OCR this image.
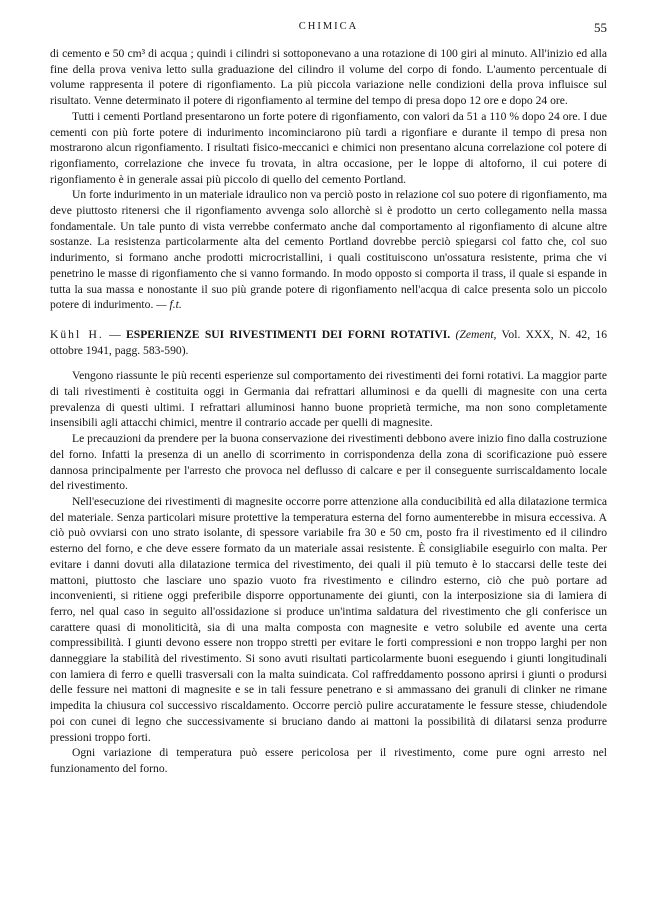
CHIMICA	55

di cemento e 50 cm³ di acqua ; quindi i cilindri si sottoponevano a una rotazione di 100 giri al minuto. All'inizio ed alla fine della prova veniva letto sulla graduazione del cilindro il volume del corpo di fondo. L'aumento percentuale di volume rappresenta il potere di rigonfiamento. La più piccola variazione nelle condizioni della prova influisce sul risultato. Venne determinato il potere di rigonfiamento al termine del tempo di presa dopo 12 ore e dopo 24 ore.

Tutti i cementi Portland presentarono un forte potere di rigonfiamento, con valori da 51 a 110 % dopo 24 ore. I due cementi con più forte potere di indurimento incominciarono più tardi a rigonfiare e durante il tempo di presa non mostrarono alcun rigonfiamento. I risultati fisico-meccanici e chimici non presentano alcuna correlazione col potere di rigonfiamento, correlazione che invece fu trovata, in altra occasione, per le loppe di altoforno, il cui potere di rigonfiamento è in generale assai più piccolo di quello del cemento Portland.

Un forte indurimento in un materiale idraulico non va perciò posto in relazione col suo potere di rigonfiamento, ma deve piuttosto ritenersi che il rigonfiamento avvenga solo allorchè si è prodotto un certo collegamento nella massa fondamentale. Un tale punto di vista verrebbe confermato anche dal comportamento al rigonfiamento di alcune altre sostanze. La resistenza particolarmente alta del cemento Portland dovrebbe perciò spiegarsi col fatto che, col suo indurimento, si formano anche prodotti microcristallini, i quali costituiscono un'ossatura resistente, prima che vi penetrino le masse di rigonfiamento che si vanno formando. In modo opposto si comporta il trass, il quale si espande in tutta la sua massa e nonostante il suo più grande potere di rigonfiamento nell'acqua di calce presenta solo un piccolo potere di indurimento. — f.t.

Kühl H. — ESPERIENZE SUI RIVESTIMENTI DEI FORNI ROTATIVI. (Zement, Vol. XXX, N. 42, 16 ottobre 1941, pagg. 583-590).

Vengono riassunte le più recenti esperienze sul comportamento dei rivestimenti dei forni rotativi. La maggior parte di tali rivestimenti è costituita oggi in Germania dai refrattari alluminosi e da quelli di magnesite con una certa prevalenza di questi ultimi. I refrattari alluminosi hanno buone proprietà termiche, ma non sono completamente insensibili agli attacchi chimici, mentre il contrario accade per quelli di magnesite.

Le precauzioni da prendere per la buona conservazione dei rivestimenti debbono avere inizio fino dalla costruzione del forno. Infatti la presenza di un anello di scorrimento in corrispondenza della zona di scorificazione può essere dannosa principalmente per l'arresto che provoca nel deflusso di calcare e per il conseguente surriscaldamento locale del rivestimento.

Nell'esecuzione dei rivestimenti di magnesite occorre porre attenzione alla conducibilità ed alla dilatazione termica del materiale. Senza particolari misure protettive la temperatura esterna del forno aumenterebbe in misura eccessiva. A ciò può ovviarsi con uno strato isolante, di spessore variabile fra 30 e 50 cm, posto fra il rivestimento ed il cilindro esterno del forno, e che deve essere formato da un materiale assai resistente. È consigliabile eseguirlo con malta. Per evitare i danni dovuti alla dilatazione termica del rivestimento, dei quali il più temuto è lo staccarsi delle teste dei mattoni, piuttosto che lasciare uno spazio vuoto fra rivestimento e cilindro esterno, ciò che può portare ad inconvenienti, si ritiene oggi preferibile disporre opportunamente dei giunti, con la interposizione sia di lamiera di ferro, nel qual caso in seguito all'ossidazione si produce un'intima saldatura del rivestimento che gli conferisce un carattere quasi di monoliticità, sia di una malta composta con magnesite e vetro solubile ed avente una certa compressibilità. I giunti devono essere non troppo stretti per evitare le forti compressioni e non troppo larghi per non danneggiare la stabilità del rivestimento. Si sono avuti risultati particolarmente buoni eseguendo i giunti longitudinali con lamiera di ferro e quelli trasversali con la malta suindicata. Col raffreddamento possono aprirsi i giunti o prodursi delle fessure nei mattoni di magnesite e se in tali fessure penetrano e si ammassano dei granuli di clinker ne rimane impedita la chiusura col successivo riscaldamento. Occorre perciò pulire accuratamente le fessure stesse, chiudendole poi con cunei di legno che successivamente si bruciano dando ai mattoni la possibilità di dilatarsi senza produrre pressioni troppo forti.

Ogni variazione di temperatura può essere pericolosa per il rivestimento, come pure ogni arresto nel funzionamento del forno.
